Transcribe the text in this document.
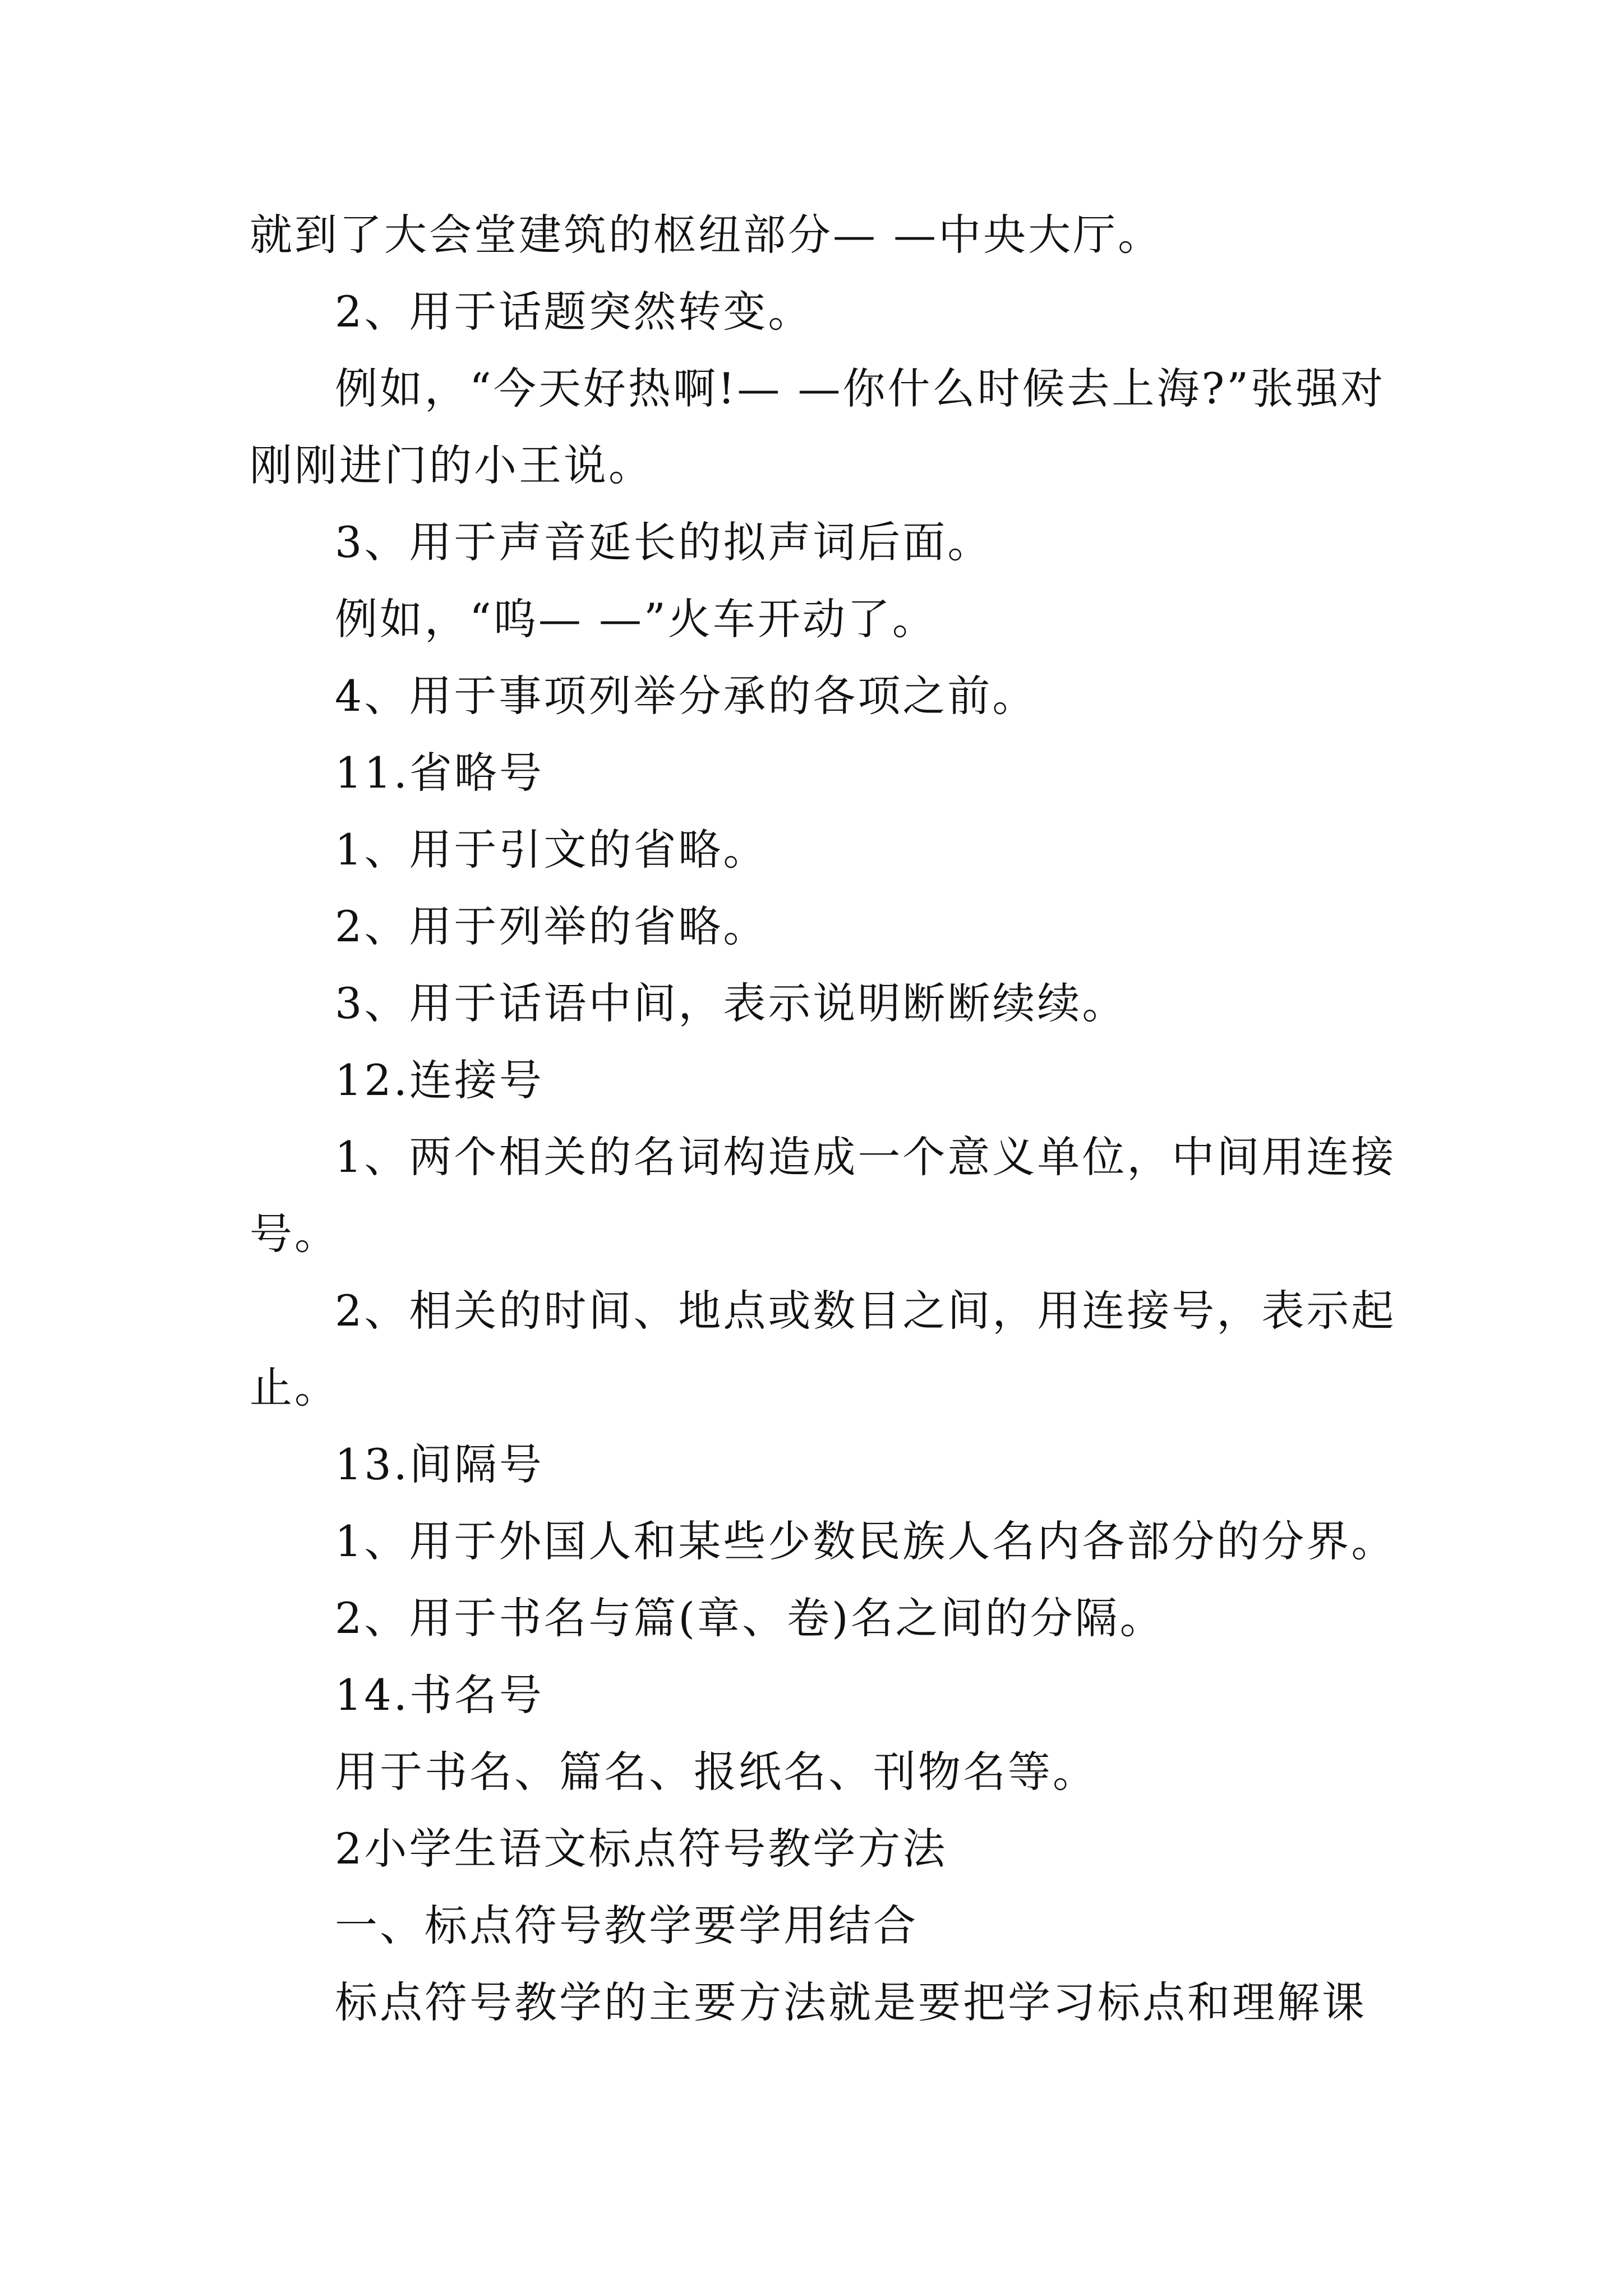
就到了大会堂建筑的枢纽部分— —中央大厅。

2、用于话题突然转变。

例如，“今天好热啊!— —你什么时候去上海?”张强对

刚刚进门的小王说。

3、用于声音延长的拟声词后面。

例如，“呜— —”火车开动了。

4、用于事项列举分承的各项之前。

11.省略号

1、用于引文的省略。

2、用于列举的省略。

3、用于话语中间，表示说明断断续续。

12.连接号

1、两个相关的名词构造成一个意义单位，中间用连接

号。

2、相关的时间、地点或数目之间，用连接号，表示起

止。

13.间隔号

1、用于外国人和某些少数民族人名内各部分的分界。

2、用于书名与篇(章、卷)名之间的分隔。

14.书名号

用于书名、篇名、报纸名、刊物名等。

2小学生语文标点符号教学方法

一、标点符号教学要学用结合

标点符号教学的主要方法就是要把学习标点和理解课
